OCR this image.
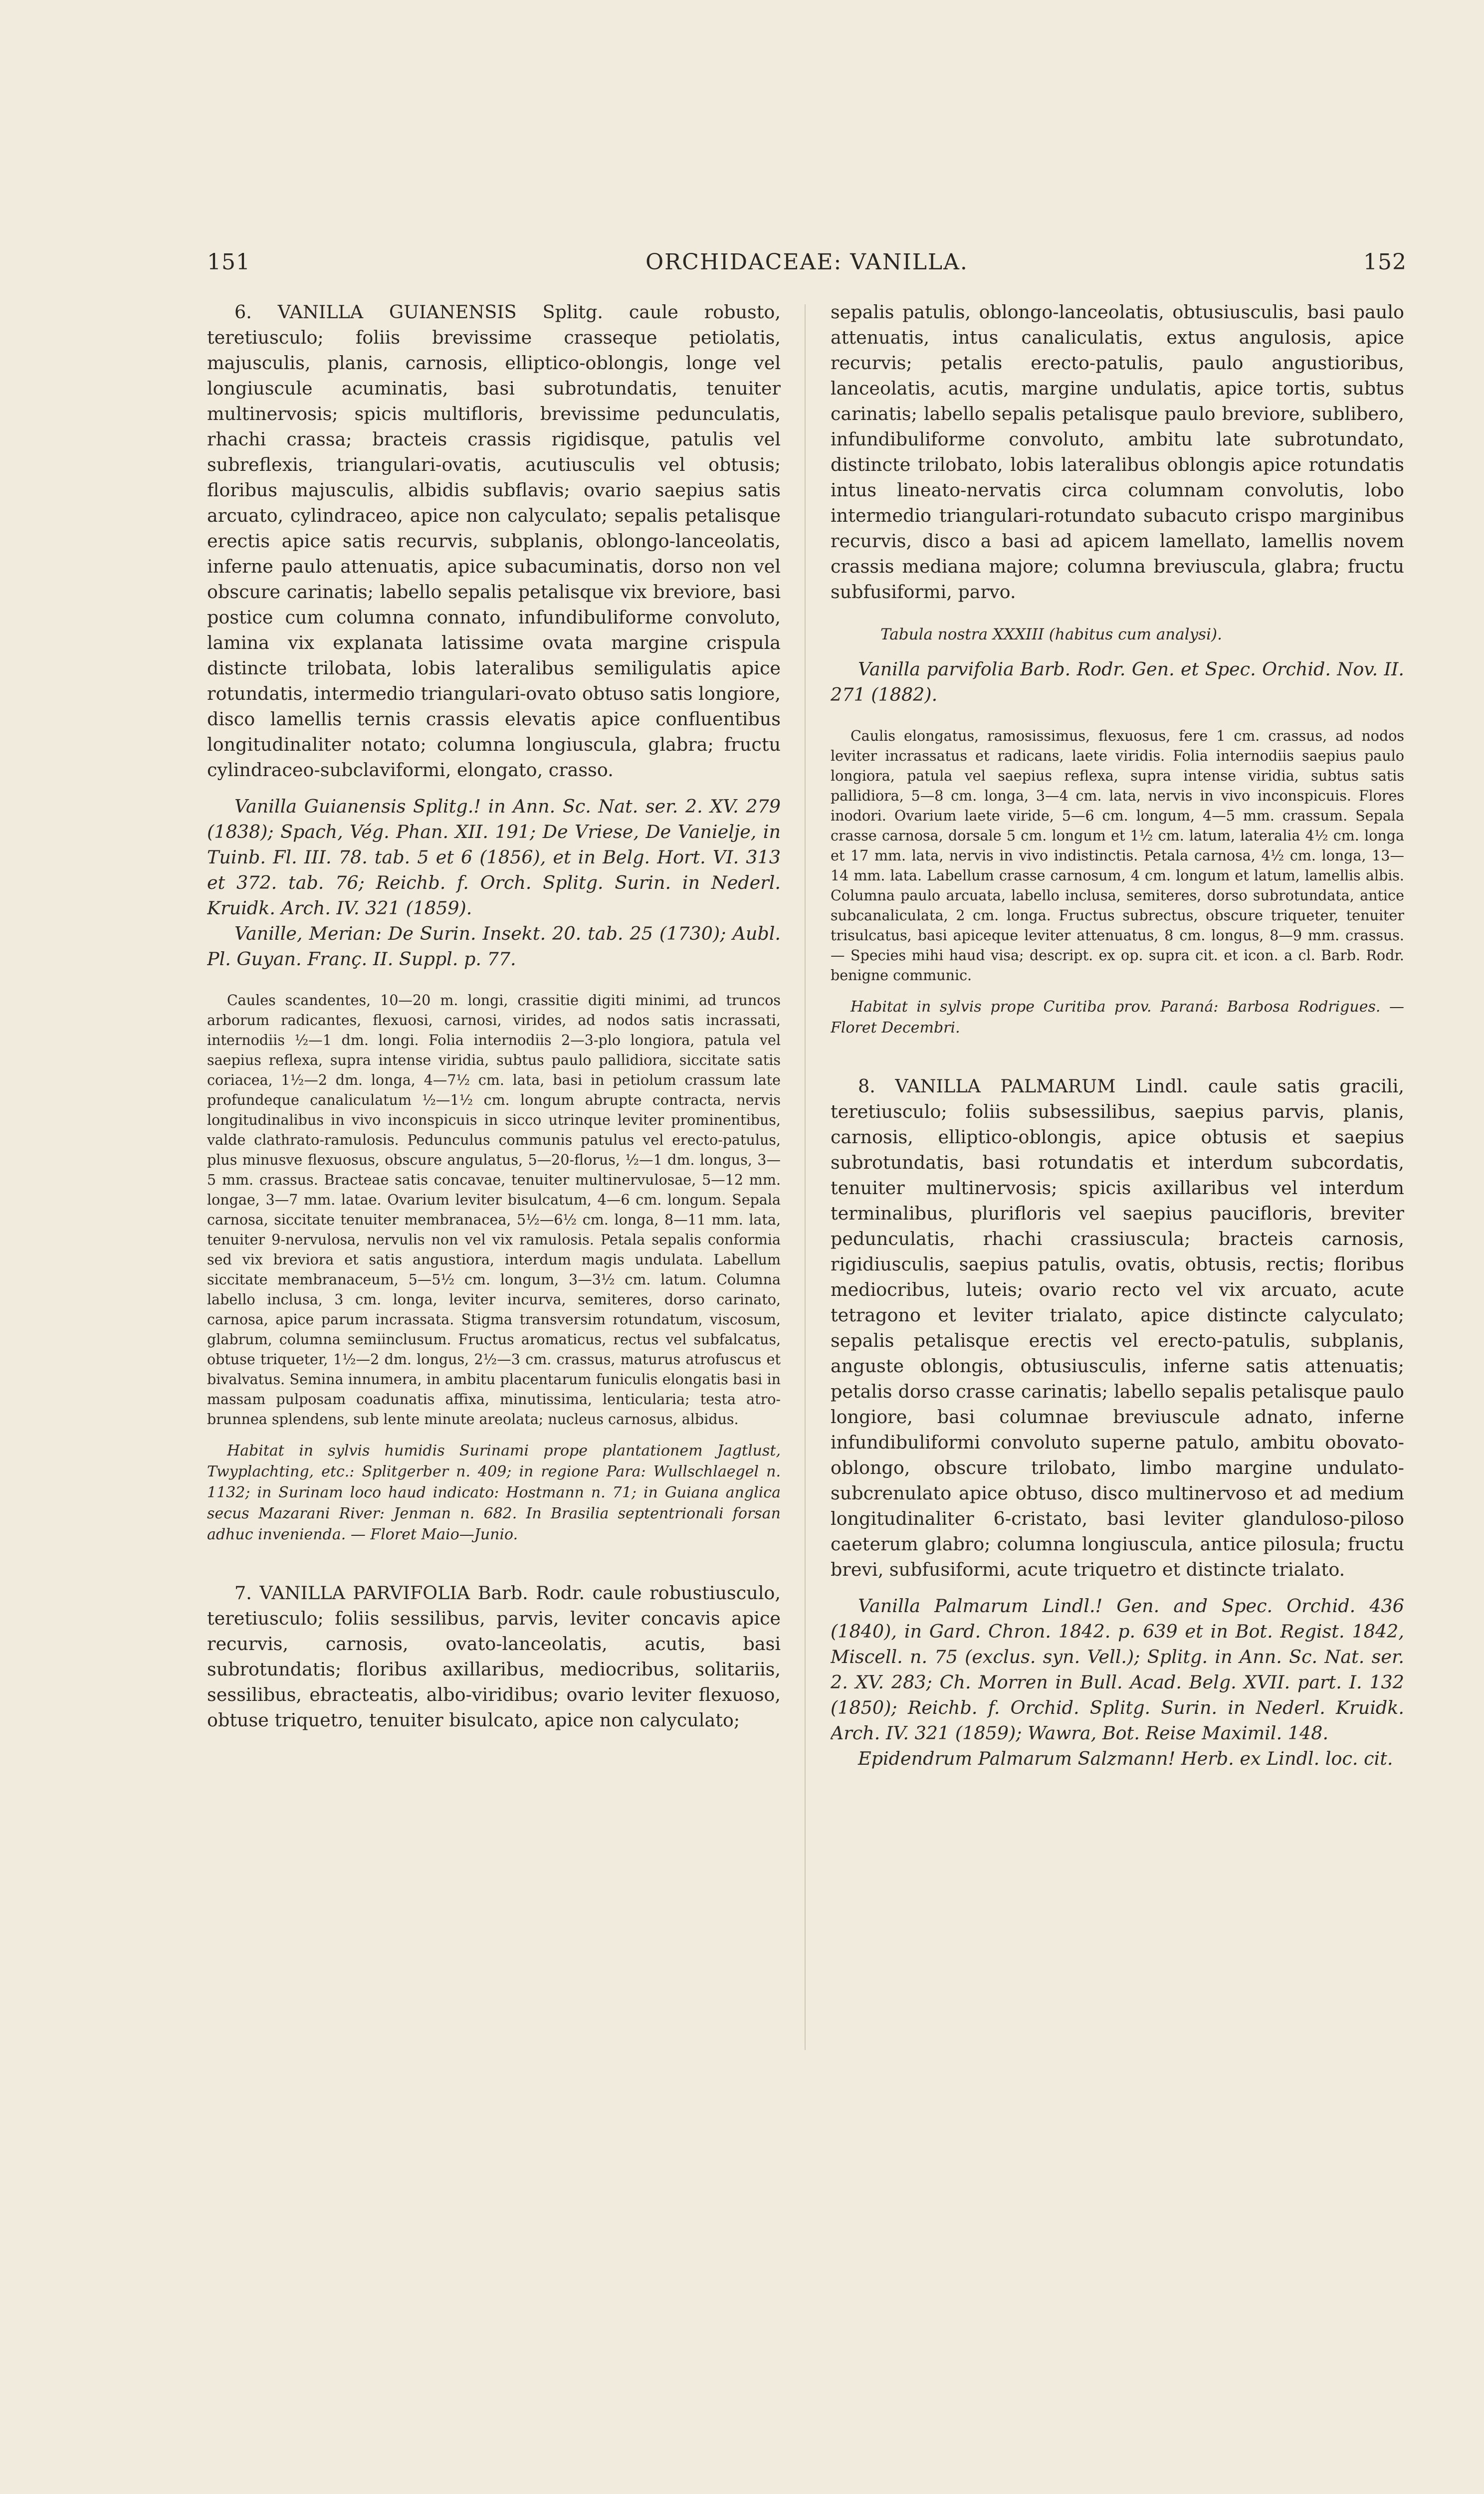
151	ORCHIDACEAE: VANILLA.	152

6. VANILLA GUIANENSIS Splitg. caule robusto, teretiusculo; foliis brevissime crasseque petiolatis, majusculis, planis, carnosis, elliptico-oblongis, longe vel longiuscule acuminatis, basi subrotundatis, tenuiter multinervosis; spicis multifloris, brevissime pedunculatis, rhachi crassa; bracteis crassis rigidisque, patulis vel subreflexis, triangulari-ovatis, acutiusculis vel obtusis; floribus majusculis, albidis subflavis; ovario saepius satis arcuato, cylindraceo, apice non calyculato; sepalis petalisque erectis apice satis recurvis, subplanis, oblongo-lanceolatis, inferne paulo attenuatis, apice subacuminatis, dorso non vel obscure carinatis; labello sepalis petalisque vix breviore, basi postice cum columna connato, infundibuliforme convoluto, lamina vix explanata latissime ovata margine crispula distincte trilobata, lobis lateralibus semiligulatis apice rotundatis, intermedio triangulari-ovato obtuso satis longiore, disco lamellis ternis crassis elevatis apice confluentibus longitudinaliter notato; columna longiuscula, glabra; fructu cylindraceo-subclaviformi, elongato, crasso.

Vanilla Guianensis Splitg.! in Ann. Sc. Nat. ser. 2. XV. 279 (1838); Spach, Vég. Phan. XII. 191; De Vriese, De Vanielje, in Tuinb. Fl. III. 78. tab. 5 et 6 (1856), et in Belg. Hort. VI. 313 et 372. tab. 76; Reichb. f. Orch. Splitg. Surin. in Nederl. Kruidk. Arch. IV. 321 (1859).

Vanille, Merian: De Surin. Insekt. 20. tab. 25 (1730); Aubl. Pl. Guyan. Franç. II. Suppl. p. 77.

Caules scandentes, 10—20 m. longi, crassitie digiti minimi, ad truncos arborum radicantes, flexuosi, carnosi, virides, ad nodos satis incrassati, internodiis ½—1 dm. longi. Folia internodiis 2—3-plo longiora, patula vel saepius reflexa, supra intense viridia, subtus paulo pallidiora, siccitate satis coriacea, 1½—2 dm. longa, 4—7½ cm. lata, basi in petiolum crassum late profundeque canaliculatum ½—1½ cm. longum abrupte contracta, nervis longitudinalibus in vivo inconspicuis in sicco utrinque leviter prominentibus, valde clathrato-ramulosis. Pedunculus communis patulus vel erecto-patulus, plus minusve flexuosus, obscure angulatus, 5—20-florus, ½—1 dm. longus, 3—5 mm. crassus. Bracteae satis concavae, tenuiter multinervulosae, 5—12 mm. longae, 3—7 mm. latae. Ovarium leviter bisulcatum, 4—6 cm. longum. Sepala carnosa, siccitate tenuiter membranacea, 5½—6½ cm. longa, 8—11 mm. lata, tenuiter 9-nervulosa, nervulis non vel vix ramulosis. Petala sepalis conformia sed vix breviora et satis angustiora, interdum magis undulata. Labellum siccitate membranaceum, 5—5½ cm. longum, 3—3½ cm. latum. Columna labello inclusa, 3 cm. longa, leviter incurva, semiteres, dorso carinato, carnosa, apice parum incrassata. Stigma transversim rotundatum, viscosum, glabrum, columna semiinclusum. Fructus aromaticus, rectus vel subfalcatus, obtuse triqueter, 1½—2 dm. longus, 2½—3 cm. crassus, maturus atrofuscus et bivalvatus. Semina innumera, in ambitu placentarum funiculis elongatis basi in massam pulposam coadunatis affixa, minutissima, lenticularia; testa atro-brunnea splendens, sub lente minute areolata; nucleus carnosus, albidus.

Habitat in sylvis humidis Surinami prope plantationem Jagtlust, Twyplachting, etc.: Splitgerber n. 409; in regione Para: Wullschlaegel n. 1132; in Surinam loco haud indicato: Hostmann n. 71; in Guiana anglica secus Mazarani River: Jenman n. 682. In Brasilia septentrionali forsan adhuc invenienda. — Floret Maio—Junio.

7. VANILLA PARVIFOLIA Barb. Rodr. caule robustiusculo, teretiusculo; foliis sessilibus, parvis, leviter concavis apice recurvis, carnosis, ovato-lanceolatis, acutis, basi subrotundatis; floribus axillaribus, mediocribus, solitariis, sessilibus, ebracteatis, albo-viridibus; ovario leviter flexuoso, obtuse triquetro, tenuiter bisulcato, apice non calyculato;

sepalis patulis, oblongo-lanceolatis, obtusiusculis, basi paulo attenuatis, intus canaliculatis, extus angulosis, apice recurvis; petalis erecto-patulis, paulo angustioribus, lanceolatis, acutis, margine undulatis, apice tortis, subtus carinatis; labello sepalis petalisque paulo breviore, sublibero, infundibuliforme convoluto, ambitu late subrotundato, distincte trilobato, lobis lateralibus oblongis apice rotundatis intus lineato-nervatis circa columnam convolutis, lobo intermedio triangulari-rotundato subacuto crispo marginibus recurvis, disco a basi ad apicem lamellato, lamellis novem crassis mediana majore; columna breviuscula, glabra; fructu subfusiformi, parvo.

Tabula nostra XXXIII (habitus cum analysi).

Vanilla parvifolia Barb. Rodr. Gen. et Spec. Orchid. Nov. II. 271 (1882).

Caulis elongatus, ramosissimus, flexuosus, fere 1 cm. crassus, ad nodos leviter incrassatus et radicans, laete viridis. Folia internodiis saepius paulo longiora, patula vel saepius reflexa, supra intense viridia, subtus satis pallidiora, 5—8 cm. longa, 3—4 cm. lata, nervis in vivo inconspicuis. Flores inodori. Ovarium laete viride, 5—6 cm. longum, 4—5 mm. crassum. Sepala crasse carnosa, dorsale 5 cm. longum et 1½ cm. latum, lateralia 4½ cm. longa et 17 mm. lata, nervis in vivo indistinctis. Petala carnosa, 4½ cm. longa, 13—14 mm. lata. Labellum crasse carnosum, 4 cm. longum et latum, lamellis albis. Columna paulo arcuata, labello inclusa, semiteres, dorso subrotundata, antice subcanaliculata, 2 cm. longa. Fructus subrectus, obscure triqueter, tenuiter trisulcatus, basi apiceque leviter attenuatus, 8 cm. longus, 8—9 mm. crassus. — Species mihi haud visa; descript. ex op. supra cit. et icon. a cl. Barb. Rodr. benigne communic.

Habitat in sylvis prope Curitiba prov. Paraná: Barbosa Rodrigues. — Floret Decembri.

8. VANILLA PALMARUM Lindl. caule satis gracili, teretiusculo; foliis subsessilibus, saepius parvis, planis, carnosis, elliptico-oblongis, apice obtusis et saepius subrotundatis, basi rotundatis et interdum subcordatis, tenuiter multinervosis; spicis axillaribus vel interdum terminalibus, plurifloris vel saepius paucifloris, breviter pedunculatis, rhachi crassiuscula; bracteis carnosis, rigidiusculis, saepius patulis, ovatis, obtusis, rectis; floribus mediocribus, luteis; ovario recto vel vix arcuato, acute tetragono et leviter trialato, apice distincte calyculato; sepalis petalisque erectis vel erecto-patulis, subplanis, anguste oblongis, obtusiusculis, inferne satis attenuatis; petalis dorso crasse carinatis; labello sepalis petalisque paulo longiore, basi columnae breviuscule adnato, inferne infundibuliformi convoluto superne patulo, ambitu obovato-oblongo, obscure trilobato, limbo margine undulato-subcrenulato apice obtuso, disco multinervoso et ad medium longitudinaliter 6-cristato, basi leviter glanduloso-piloso caeterum glabro; columna longiuscula, antice pilosula; fructu brevi, subfusiformi, acute triquetro et distincte trialato.

Vanilla Palmarum Lindl.! Gen. and Spec. Orchid. 436 (1840), in Gard. Chron. 1842. p. 639 et in Bot. Regist. 1842, Miscell. n. 75 (exclus. syn. Vell.); Splitg. in Ann. Sc. Nat. ser. 2. XV. 283; Ch. Morren in Bull. Acad. Belg. XVII. part. I. 132 (1850); Reichb. f. Orchid. Splitg. Surin. in Nederl. Kruidk. Arch. IV. 321 (1859); Wawra, Bot. Reise Maximil. 148.

Epidendrum Palmarum Salzmann! Herb. ex Lindl. loc. cit.
